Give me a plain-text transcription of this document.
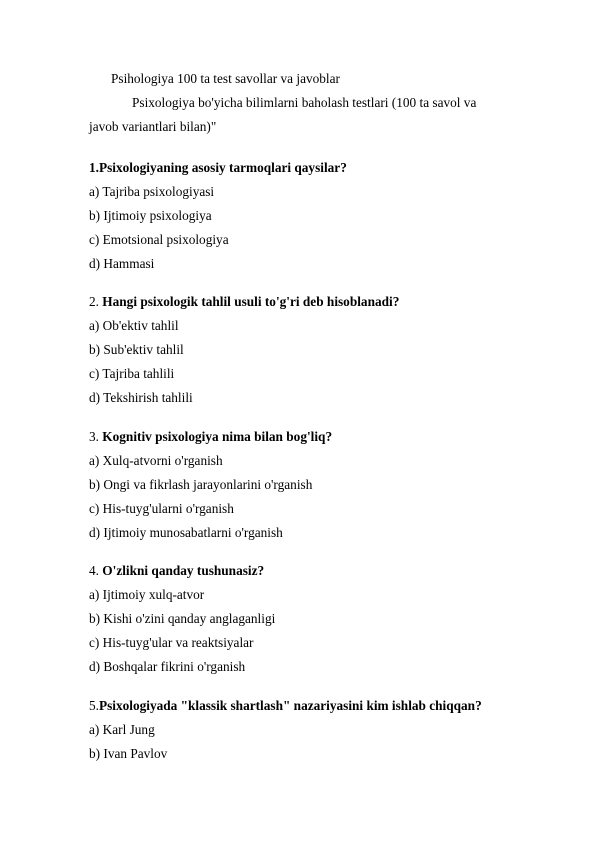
Psihologiya 100 ta test savollar va javoblar
Psixologiya bo'yicha bilimlarni baholash testlari (100 ta savol va
javob variantlari bilan)"
1.Psixologiyaning asosiy tarmoqlari qaysilar?
a) Tajriba psixologiyasi
b) Ijtimoiy psixologiya
c) Emotsional psixologiya
d) Hammasi
2. Hangi psixologik tahlil usuli to'g'ri deb hisoblanadi?
a) Ob'ektiv tahlil
b) Sub'ektiv tahlil
c) Tajriba tahlili
d) Tekshirish tahlili
3. Kognitiv psixologiya nima bilan bog'liq?
a) Xulq-atvorni o'rganish
b) Ongi va fikrlash jarayonlarini o'rganish
c) His-tuyg'ularni o'rganish
d) Ijtimoiy munosabatlarni o'rganish
4. O'zlikni qanday tushunasiz?
a) Ijtimoiy xulq-atvor
b) Kishi o'zini qanday anglaganligi
c) His-tuyg'ular va reaktsiyalar
d) Boshqalar fikrini o'rganish
5.Psixologiyada "klassik shartlash" nazariyasini kim ishlab chiqqan?
a) Karl Jung
b) Ivan Pavlov
